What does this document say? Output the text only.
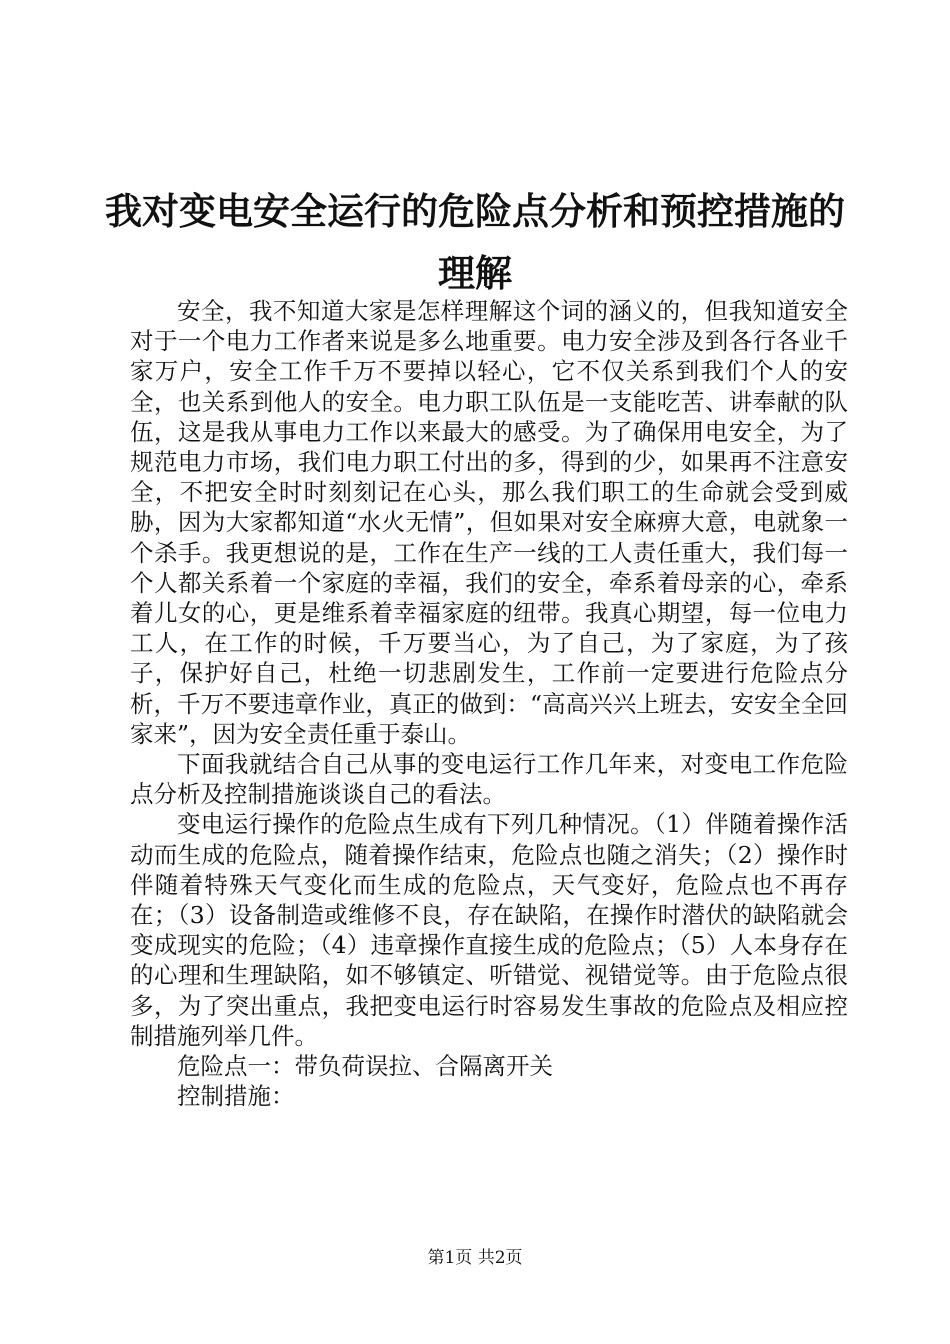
我对变电安全运行的危险点分析和预控措施的理解

安全，我不知道大家是怎样理解这个词的涵义的，但我知道安全对于一个电力工作者来说是多么地重要。电力安全涉及到各行各业千家万户，安全工作千万不要掉以轻心，它不仅关系到我们个人的安全，也关系到他人的安全。电力职工队伍是一支能吃苦、讲奉献的队伍，这是我从事电力工作以来最大的感受。为了确保用电安全，为了规范电力市场，我们电力职工付出的多，得到的少，如果再不注意安全，不把安全时时刻刻记在心头，那么我们职工的生命就会受到威胁，因为大家都知道“水火无情”，但如果对安全麻痹大意，电就象一个杀手。我更想说的是，工作在生产一线的工人责任重大，我们每一个人都关系着一个家庭的幸福，我们的安全，牵系着母亲的心，牵系着儿女的心，更是维系着幸福家庭的纽带。我真心期望，每一位电力工人，在工作的时候，千万要当心，为了自己，为了家庭，为了孩子，保护好自己，杜绝一切悲剧发生，工作前一定要进行危险点分析，千万不要违章作业，真正的做到：“高高兴兴上班去，安安全全回家来”，因为安全责任重于泰山。

下面我就结合自己从事的变电运行工作几年来，对变电工作危险点分析及控制措施谈谈自己的看法。

变电运行操作的危险点生成有下列几种情况。（1）伴随着操作活动而生成的危险点，随着操作结束，危险点也随之消失；（2）操作时伴随着特殊天气变化而生成的危险点，天气变好，危险点也不再存在；（3）设备制造或维修不良，存在缺陷，在操作时潜伏的缺陷就会变成现实的危险；（4）违章操作直接生成的危险点；（5）人本身存在的心理和生理缺陷，如不够镇定、听错觉、视错觉等。由于危险点很多，为了突出重点，我把变电运行时容易发生事故的危险点及相应控制措施列举几件。

危险点一：带负荷误拉、合隔离开关

控制措施：

第1页 共2页
